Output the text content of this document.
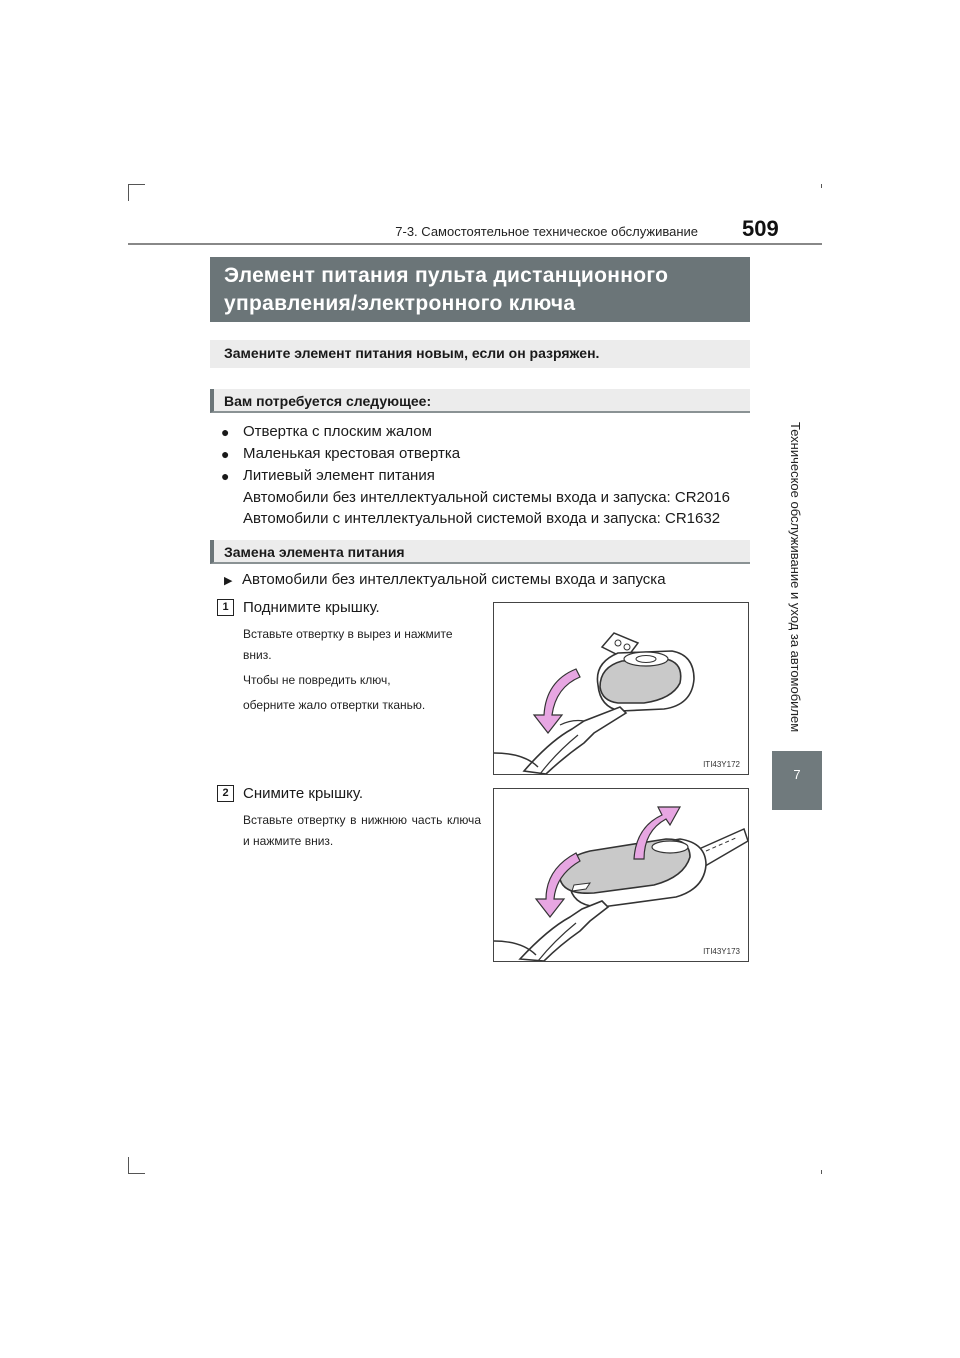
7-3. Самостоятельное техническое обслуживание 509
Техническое обслуживание и уход за автомобилем
7
Элемент питания пульта дистанционного
управления/электронного ключа
Замените элемент питания новым, если он разряжен.
Вам потребуется следующее:
● Отвертка с плоским жалом
● Маленькая крестовая отвертка
● Литиевый элемент питания
Автомобили без интеллектуальной системы входа и запуска: CR2016
Автомобили с интеллектуальной системой входа и запуска: CR1632
Замена элемента питания
▶ Автомобили без интеллектуальной системы входа и запуска
1 Поднимите крышку.
Вставьте отвертку в вырез и нажмите вниз.
Чтобы не повредить ключ,
оберните жало отвертки тканью.
ITI43Y172
2 Снимите крышку.
Вставьте отвертку в нижнюю часть ключа и нажмите вниз.
ITI43Y173
